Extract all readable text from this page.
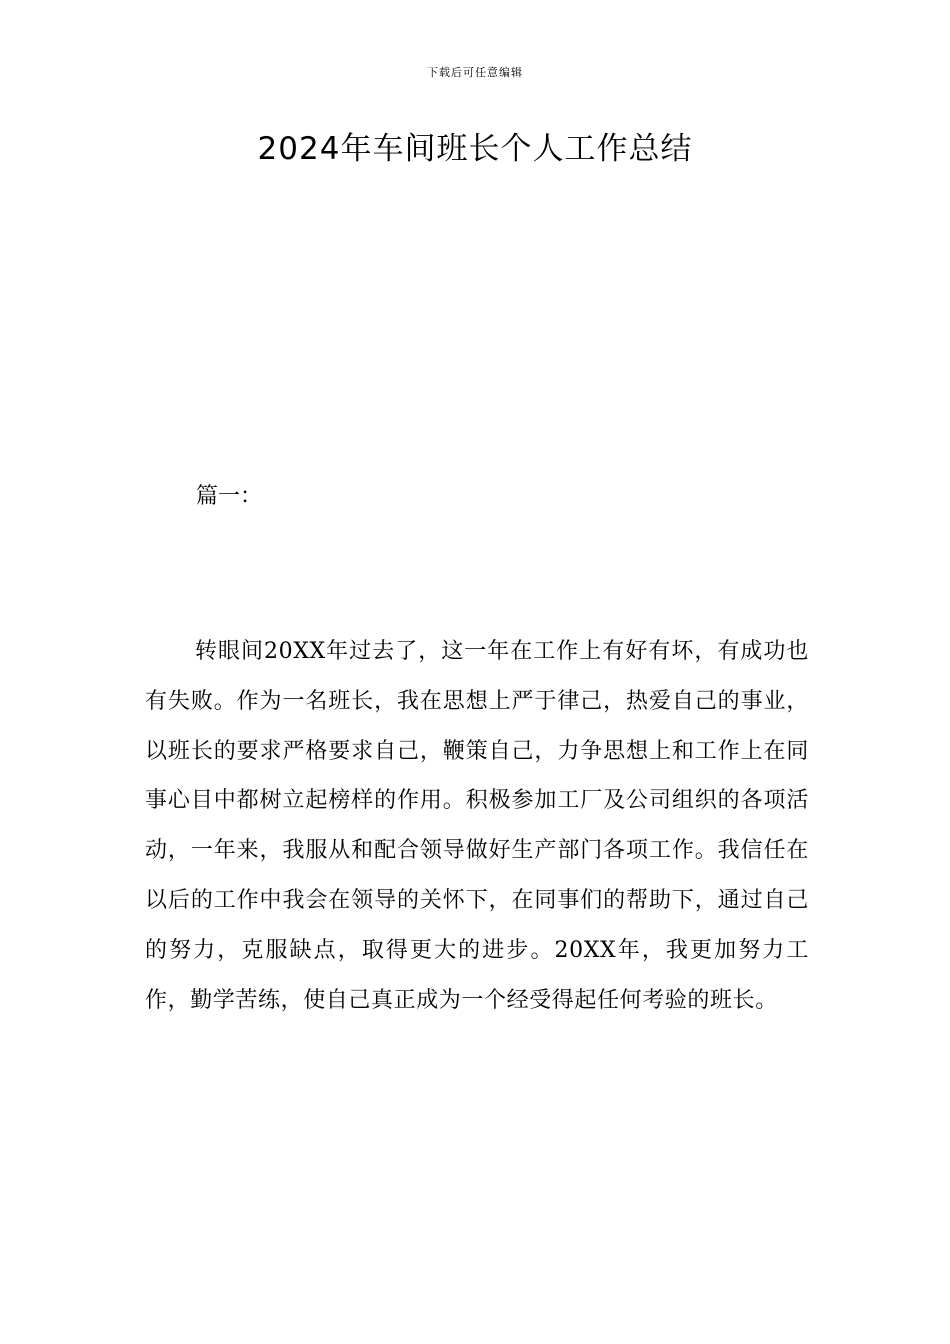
下载后可任意编辑
2024年车间班长个人工作总结

篇一：

转眼间20XX年过去了，这一年在工作上有好有坏，有成功也有失败。作为一名班长，我在思想上严于律己，热爱自己的事业，以班长的要求严格要求自己，鞭策自己，力争思想上和工作上在同事心目中都树立起榜样的作用。积极参加工厂及公司组织的各项活动，一年来，我服从和配合领导做好生产部门各项工作。我信任在以后的工作中我会在领导的关怀下，在同事们的帮助下，通过自己的努力，克服缺点，取得更大的进步。20XX年，我更加努力工作，勤学苦练，使自己真正成为一个经受得起任何考验的班长。
